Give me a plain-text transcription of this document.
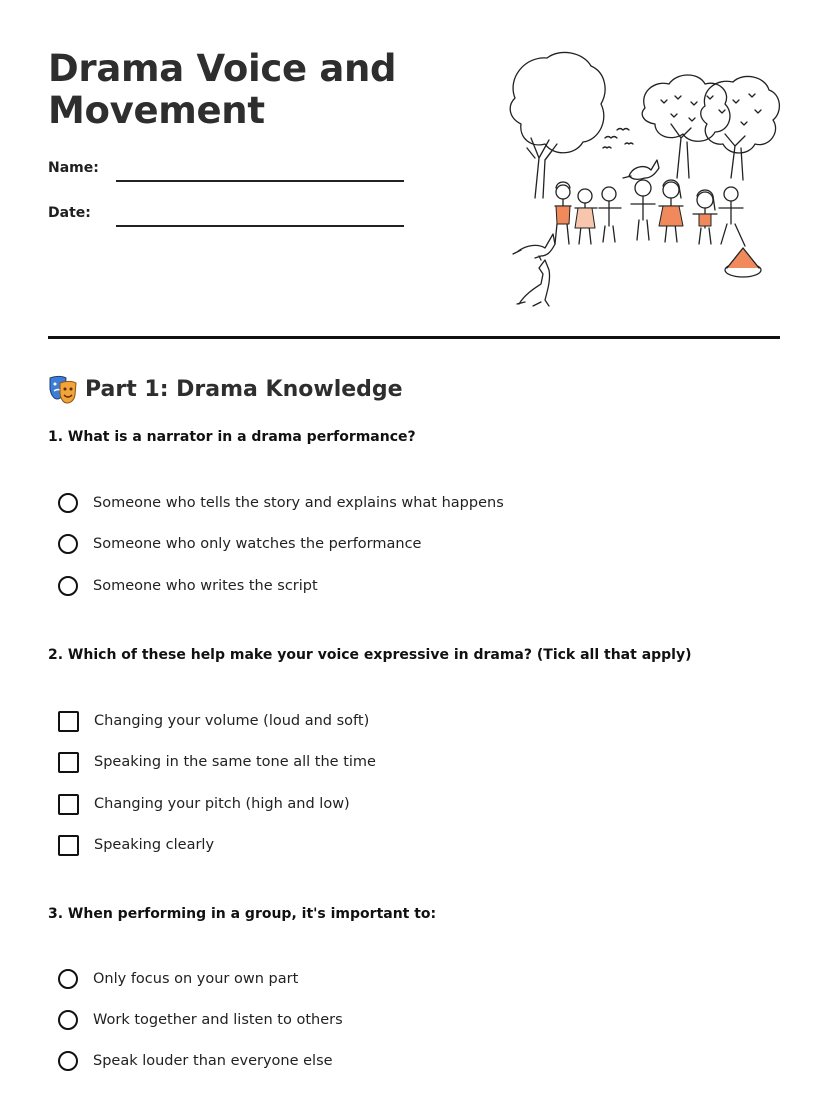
Drama Voice and
Movement
Name:
Date:
Part 1: Drama Knowledge
1. What is a narrator in a drama performance?
Someone who tells the story and explains what happens
Someone who only watches the performance
Someone who writes the script
2. Which of these help make your voice expressive in drama? (Tick all that apply)
Changing your volume (loud and soft)
Speaking in the same tone all the time
Changing your pitch (high and low)
Speaking clearly
3. When performing in a group, it's important to:
Only focus on your own part
Work together and listen to others
Speak louder than everyone else
